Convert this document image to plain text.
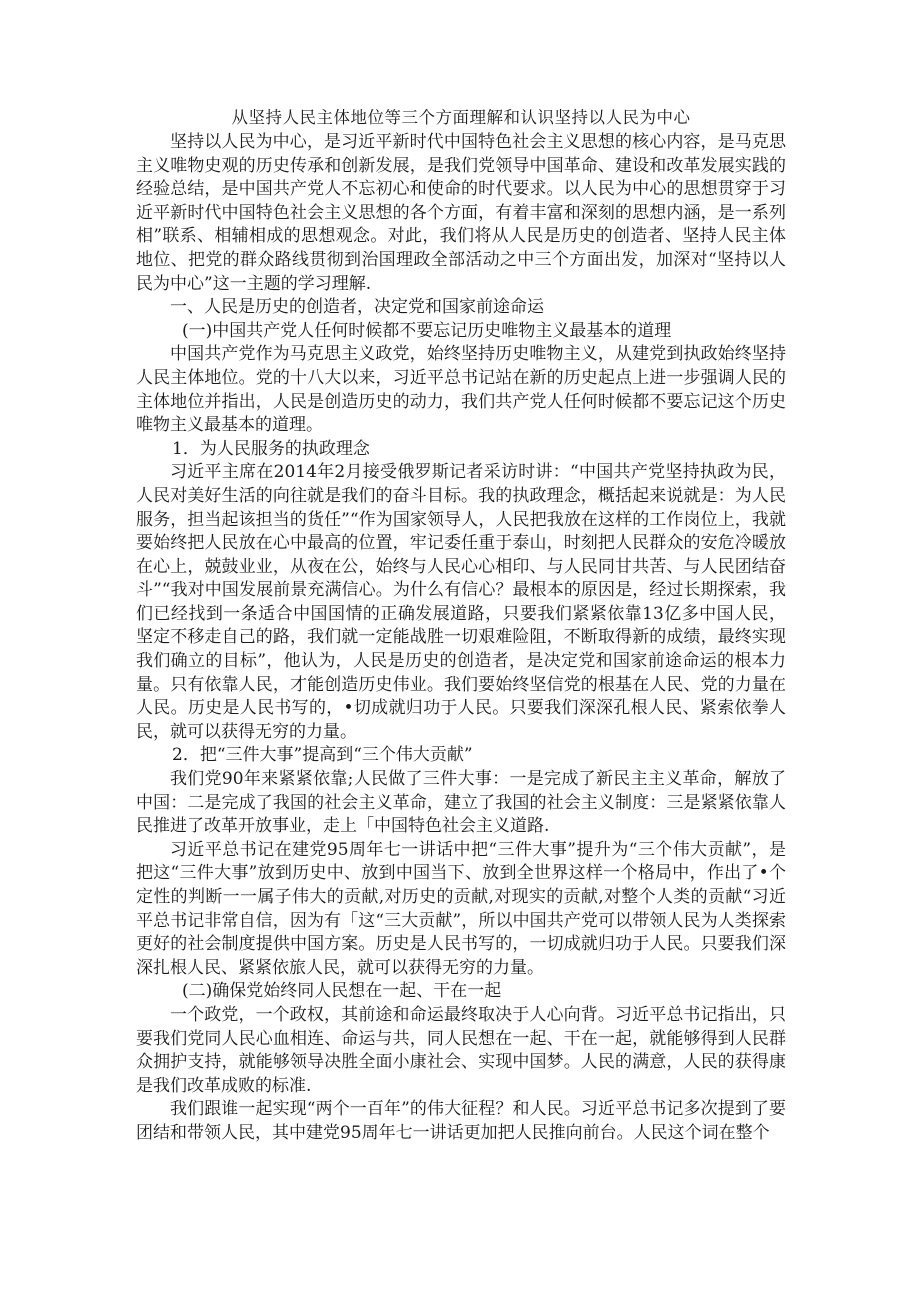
从坚持人民主体地位等三个方面理解和认识坚持以人民为中心

坚持以人民为中心，是习近平新时代中国特色社会主义思想的核心内容，是马克思主义唯物史观的历史传承和创新发展，是我们党领导中国革命、建设和改革发展实践的经验总结，是中国共产党人不忘初心和使命的时代要求。以人民为中心的思想贯穿于习近平新时代中国特色社会主义思想的各个方面，有着丰富和深刻的思想内涵，是一系列相”联系、相辅相成的思想观念。对此，我们将从人民是历史的创造者、坚持人民主体地位、把党的群众路线贯彻到治国理政全部活动之中三个方面出发，加深对“坚持以人民为中心”这一主题的学习理解.

一、人民是历史的创造者，决定党和国家前途命运

(一)中国共产党人任何时候都不要忘记历史唯物主义最基本的道理

中国共产党作为马克思主义政党，始终坚持历史唯物主义，从建党到执政始终坚持人民主体地位。党的十八大以来，习近平总书记站在新的历史起点上进一步强调人民的主体地位并指出，人民是创造历史的动力，我们共产党人任何时候都不要忘记这个历史唯物主义最基本的道理。

1．为人民服务的执政理念

习近平主席在2014年2月接受俄罗斯记者采访时讲：“中国共产党坚持执政为民，人民对美好生活的向往就是我们的奋斗目标。我的执政理念，概括起来说就是：为人民服务，担当起该担当的货任”“作为国家领导人，人民把我放在这样的工作岗位上，我就要始终把人民放在心中最高的位置，牢记委任重于泰山，时刻把人民群众的安危冷暖放在心上，兢鼓业业，从夜在公，始终与人民心心相印、与人民同甘共苦、与人民团结奋斗”“我对中国发展前景充满信心。为什么有信心？最根本的原因是，经过长期探索，我们已经找到一条适合中国国情的正确发展道路，只要我们紧紧依靠13亿多中国人民，坚定不移走自己的路，我们就一定能战胜一切艰难险阻，不断取得新的成绩，最终实现我们确立的目标”，他认为，人民是历史的创造者，是决定党和国家前途命运的根本力量。只有依靠人民，才能创造历史伟业。我们要始终坚信党的根基在人民、党的力量在人民。历史是人民书写的，•切成就归功于人民。只要我们深深孔根人民、紧索依拳人民，就可以获得无穷的力量。

2．把“三件大事”提高到“三个伟大贡献”

我们党90年来紧紧依靠;人民做了三件大事：一是完成了新民主主义革命，解放了中国：二是完成了我国的社会主义革命，建立了我国的社会主义制度：三是紧紧依靠人民推进了改革开放事业，走上「中国特色社会主义道路.

习近平总书记在建党95周年七一讲话中把“三件大事”提升为“三个伟大贡献”，是把这“三件大事”放到历史中、放到中国当下、放到全世界这样一个格局中，作出了•个定性的判断一一属子伟大的贡献,对历史的贡献,对现实的贡献,对整个人类的贡献“习近平总书记非常自信，因为有「这“三大贡献”，所以中国共产党可以带领人民为人类探索更好的社会制度提供中国方案。历史是人民书写的，一切成就归功于人民。只要我们深深扎根人民、紧紧依旅人民，就可以获得无穷的力量。

(二)确保党始终同人民想在一起、干在一起

一个政党，一个政权，其前途和命运最终取决于人心向背。习近平总书记指出，只要我们党同人民心血相连、命运与共，同人民想在一起、干在一起，就能够得到人民群众拥护支持，就能够领导决胜全面小康社会、实现中国梦。人民的满意，人民的获得康是我们改革成败的标准.

我们跟谁一起实现“两个一百年”的伟大征程？和人民。习近平总书记多次提到了要团结和带领人民，其中建党95周年七一讲话更加把人民推向前台。人民这个词在整个
